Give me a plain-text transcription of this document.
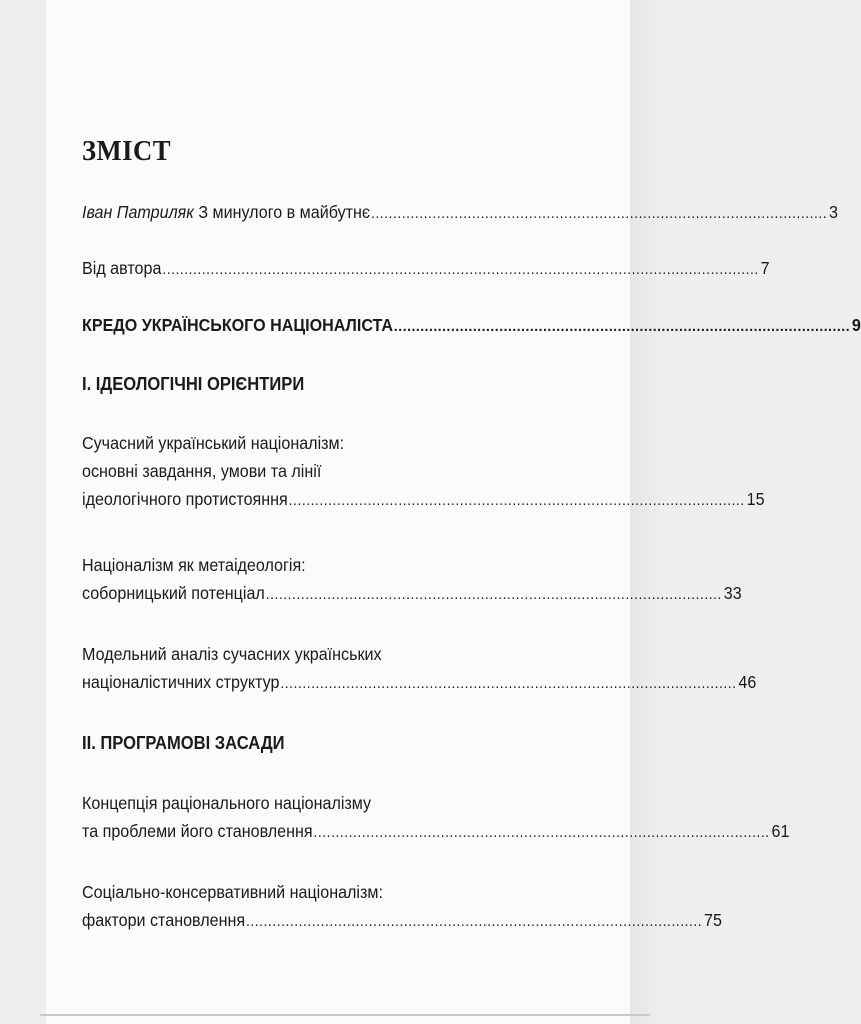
ЗМІСТ
Іван Патриляк З минулого в майбутнє ........................................................................................................ 3
Від автора ........................................................................................................................................ 7
КРЕДО УКРАЇНСЬКОГО НАЦІОНАЛІСТА ........................................................................................................ 9
І. ІДЕОЛОГІЧНІ ОРІЄНТИРИ
Сучасний український націоналізм:
основні завдання, умови та лінії
ідеологічного протистояння ........................................................................................................ 15
Націоналізм як метаідеологія:
соборницький потенціал ........................................................................................................ 33
Модельний аналіз сучасних українських
націоналістичних структур ........................................................................................................ 46
ІІ. ПРОГРАМОВІ ЗАСАДИ
Концепція раціонального націоналізму
та проблеми його становлення ........................................................................................................ 61
Соціально-консервативний націоналізм:
фактори становлення ........................................................................................................ 75
